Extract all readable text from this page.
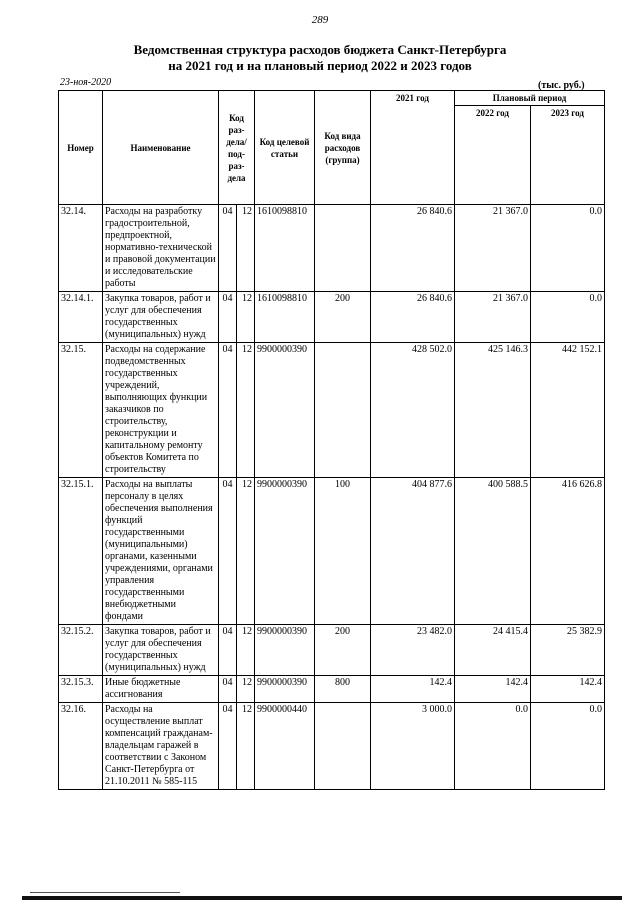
289
Ведомственная структура расходов бюджета Санкт-Петербурга
на 2021 год и на плановый период 2022 и 2023 годов
23-ноя-2020	(тыс. руб.)
Номер	Наименование	Код раз-дела/ под-раз-дела		Код целевой статьи	Код вида расходов (группа)	2021 год	Плановый период	
							2022 год	2023 год
32.14.	Расходы на разработку градостроительной, предпроектной, нормативно-технической и правовой документации и исследовательские работы	04	12	1610098810		26 840.6	21 367.0	0.0
32.14.1.	Закупка товаров, работ и услуг для обеспечения государственных (муниципальных) нужд	04	12	1610098810	200	26 840.6	21 367.0	0.0
32.15.	Расходы на содержание подведомственных государственных учреждений, выполняющих функции заказчиков по строительству, реконструкции и капитальному ремонту объектов Комитета по строительству	04	12	9900000390		428 502.0	425 146.3	442 152.1
32.15.1.	Расходы на выплаты персоналу в целях обеспечения выполнения функций государственными (муниципальными) органами, казенными учреждениями, органами управления государственными внебюджетными фондами	04	12	9900000390	100	404 877.6	400 588.5	416 626.8
32.15.2.	Закупка товаров, работ и услуг для обеспечения государственных (муниципальных) нужд	04	12	9900000390	200	23 482.0	24 415.4	25 382.9
32.15.3.	Иные бюджетные ассигнования	04	12	9900000390	800	142.4	142.4	142.4
32.16.	Расходы на осуществление выплат компенсаций гражданам-владельцам гаражей в соответствии с Законом Санкт-Петербурга от 21.10.2011 № 585-115	04	12	9900000440		3 000.0	0.0	0.0
